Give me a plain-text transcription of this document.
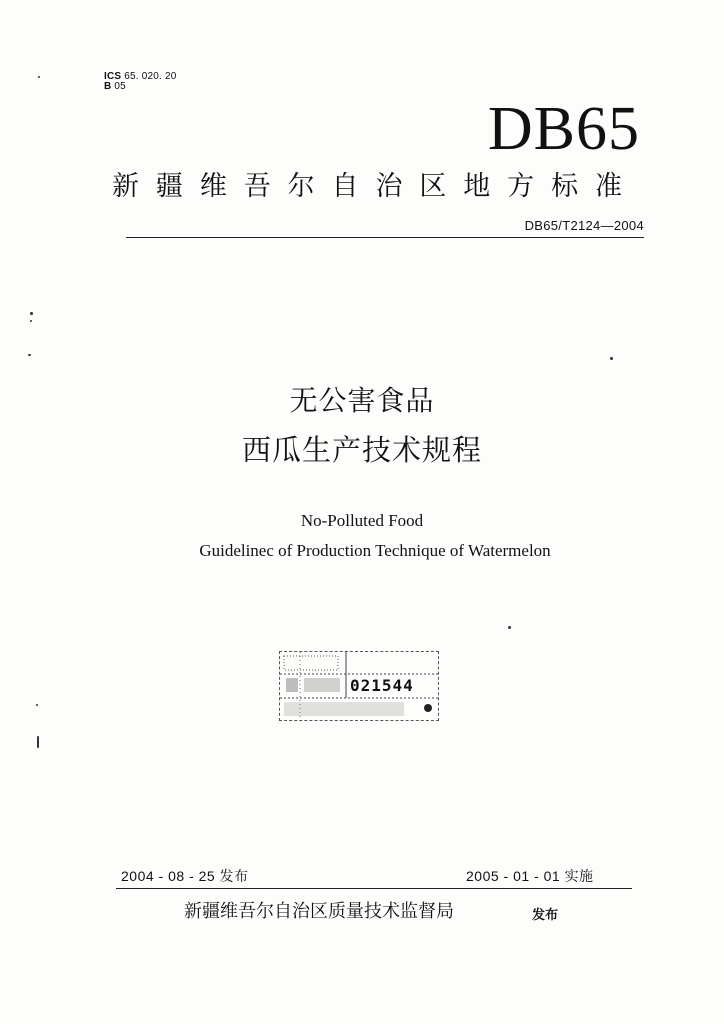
ICS 65. 020. 20
B 05
DB65
新 疆 维 吾 尔 自 治 区 地 方 标 准
DB65/T2124—2004
无公害食品
西瓜生产技术规程
No-Polluted Food
Guidelinec of Production Technique of Watermelon
021544
2004 - 08 - 25 发布	2005 - 01 - 01 实施
新疆维吾尔自治区质量技术监督局	发布
